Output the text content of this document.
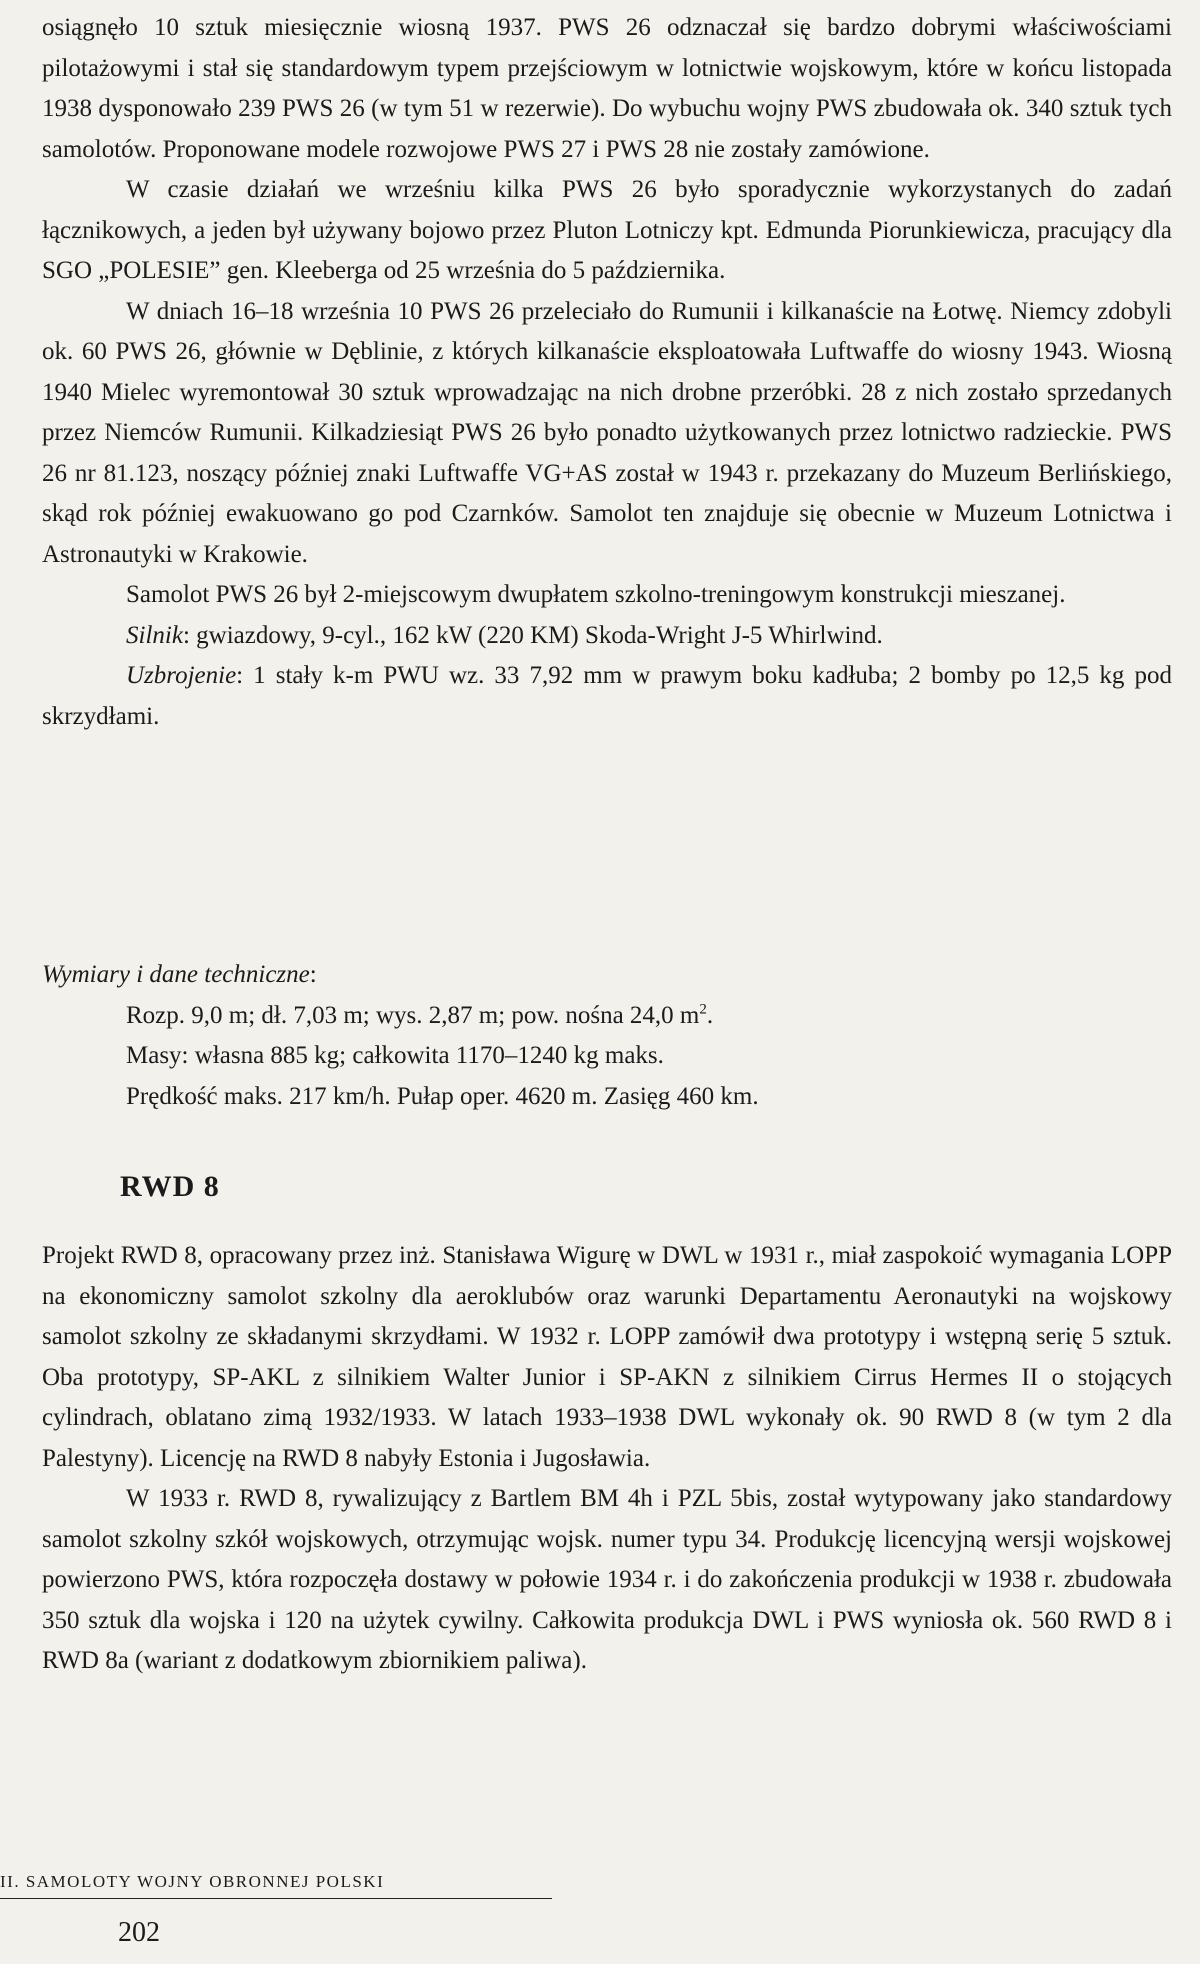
osiągnęło 10 sztuk miesięcznie wiosną 1937. PWS 26 odznaczał się bardzo dobrymi właściwościami pilotażowymi i stał się standardowym typem przejściowym w lotnictwie wojskowym, które w końcu listopada 1938 dysponowało 239 PWS 26 (w tym 51 w rezerwie). Do wybuchu wojny PWS zbudowała ok. 340 sztuk tych samolotów. Proponowane modele rozwojowe PWS 27 i PWS 28 nie zostały zamówione.

W czasie działań we wrześniu kilka PWS 26 było sporadycznie wykorzystanych do zadań łącznikowych, a jeden był używany bojowo przez Pluton Lotniczy kpt. Edmunda Piorunkiewicza, pracujący dla SGO „POLESIE” gen. Kleeberga od 25 września do 5 października.

W dniach 16–18 września 10 PWS 26 przeleciało do Rumunii i kilkanaście na Łotwę. Niemcy zdobyli ok. 60 PWS 26, głównie w Dęblinie, z których kilkanaście eksploatowała Luftwaffe do wiosny 1943. Wiosną 1940 Mielec wyremontował 30 sztuk wprowadzając na nich drobne przeróbki. 28 z nich zostało sprzedanych przez Niemców Rumunii. Kilkadziesiąt PWS 26 było ponadto użytkowanych przez lotnictwo radzieckie. PWS 26 nr 81.123, noszący później znaki Luftwaffe VG+AS został w 1943 r. przekazany do Muzeum Berlińskiego, skąd rok później ewakuowano go pod Czarnków. Samolot ten znajduje się obecnie w Muzeum Lotnictwa i Astronautyki w Krakowie.

Samolot PWS 26 był 2-miejscowym dwupłatem szkolno-treningowym konstrukcji mieszanej.

Silnik: gwiazdowy, 9-cyl., 162 kW (220 KM) Skoda-Wright J-5 Whirlwind.

Uzbrojenie: 1 stały k-m PWU wz. 33 7,92 mm w prawym boku kadłuba; 2 bomby po 12,5 kg pod skrzydłami.

Wymiary i dane techniczne:
Rozp. 9,0 m; dł. 7,03 m; wys. 2,87 m; pow. nośna 24,0 $m^2$.
Masy: własna 885 kg; całkowita 1170–1240 kg maks.
Prędkość maks. 217 km/h. Pułap oper. 4620 m. Zasięg 460 km.
RWD 8

Projekt RWD 8, opracowany przez inż. Stanisława Wigurę w DWL w 1931 r., miał zaspokoić wymagania LOPP na ekonomiczny samolot szkolny dla aeroklubów oraz warunki Departamentu Aeronautyki na wojskowy samolot szkolny ze składanymi skrzydłami. W 1932 r. LOPP zamówił dwa prototypy i wstępną serię 5 sztuk. Oba prototypy, SP-AKL z silnikiem Walter Junior i SP-AKN z silnikiem Cirrus Hermes II o stojących cylindrach, oblatano zimą 1932/1933. W latach 1933–1938 DWL wykonały ok. 90 RWD 8 (w tym 2 dla Palestyny). Licencję na RWD 8 nabyły Estonia i Jugosławia.

W 1933 r. RWD 8, rywalizujący z Bartlem BM 4h i PZL 5bis, został wytypowany jako standardowy samolot szkolny szkół wojskowych, otrzymując wojsk. numer typu 34. Produkcję licencyjną wersji wojskowej powierzono PWS, która rozpoczęła dostawy w połowie 1934 r. i do zakończenia produkcji w 1938 r. zbudowała 350 sztuk dla wojska i 120 na użytek cywilny. Całkowita produkcja DWL i PWS wyniosła ok. 560 RWD 8 i RWD 8a (wariant z dodatkowym zbiornikiem paliwa).

II. SAMOLOTY WOJNY OBRONNEJ POLSKI
202
